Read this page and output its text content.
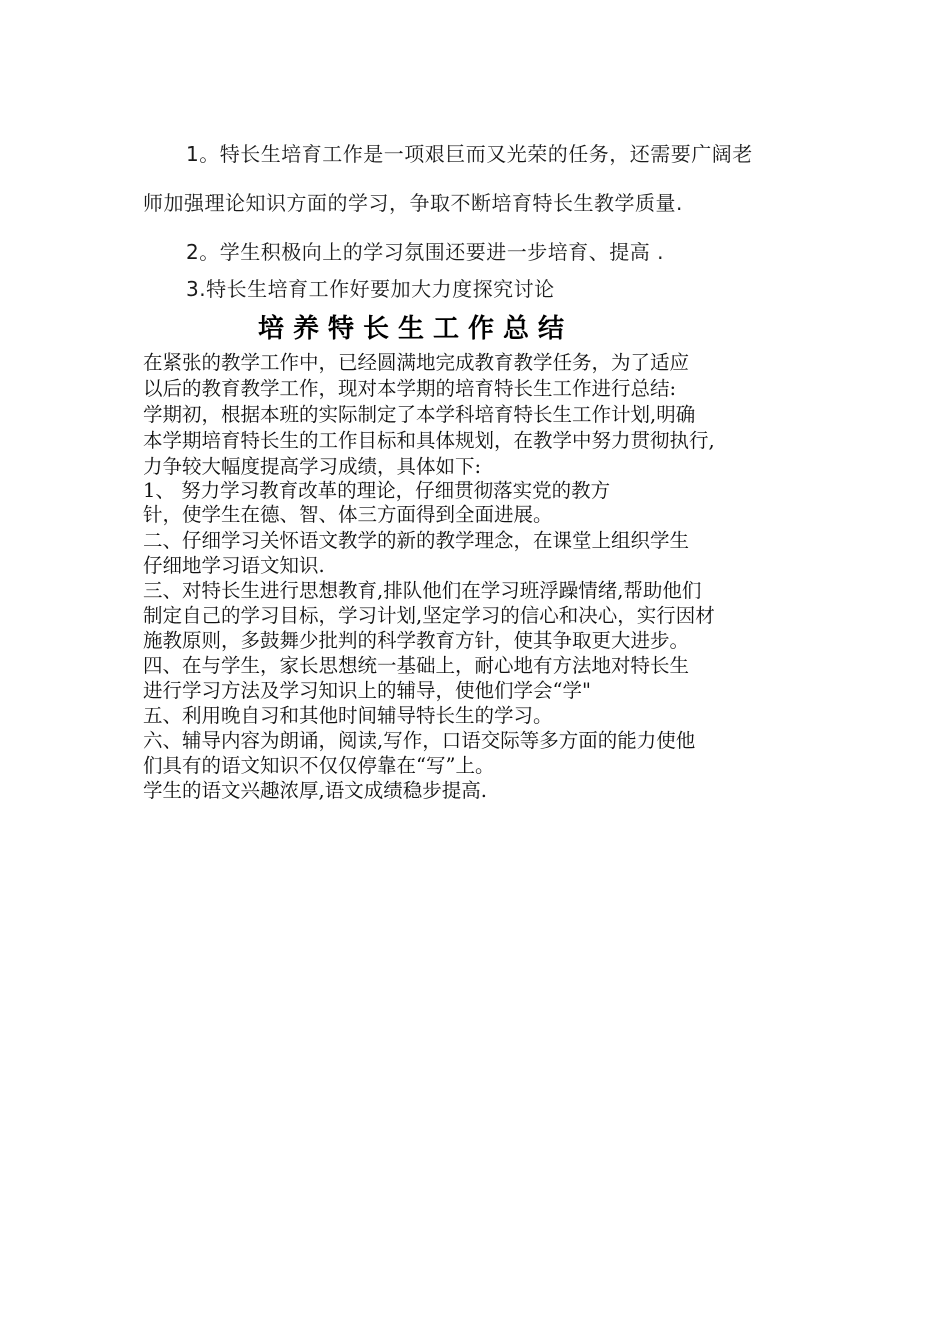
1。特长生培育工作是一项艰巨而又光荣的任务，还需要广阔老

师加强理论知识方面的学习，争取不断培育特长生教学质量.

2。学生积极向上的学习氛围还要进一步培育、提高 .

3.特长生培育工作好要加大力度探究讨论

培养特长生工作总结

在紧张的教学工作中，已经圆满地完成教育教学任务，为了适应

以后的教育教学工作，现对本学期的培育特长生工作进行总结:

学期初，根据本班的实际制定了本学科培育特长生工作计划,明确

本学期培育特长生的工作目标和具体规划，在教学中努力贯彻执行,

力争较大幅度提高学习成绩，具体如下:

1、 努力学习教育改革的理论，仔细贯彻落实党的教方

针，使学生在德、智、体三方面得到全面进展。

二、仔细学习关怀语文教学的新的教学理念，在课堂上组织学生

仔细地学习语文知识.

三、对特长生进行思想教育,排队他们在学习班浮躁情绪,帮助他们

制定自己的学习目标，学习计划,坚定学习的信心和决心，实行因材

施教原则，多鼓舞少批判的科学教育方针，使其争取更大进步。

四、在与学生，家长思想统一基础上，耐心地有方法地对特长生

进行学习方法及学习知识上的辅导，使他们学会“学"

五、利用晚自习和其他时间辅导特长生的学习。

六、辅导内容为朗诵，阅读,写作，口语交际等多方面的能力使他

们具有的语文知识不仅仅停靠在“写”上。

学生的语文兴趣浓厚,语文成绩稳步提高.
